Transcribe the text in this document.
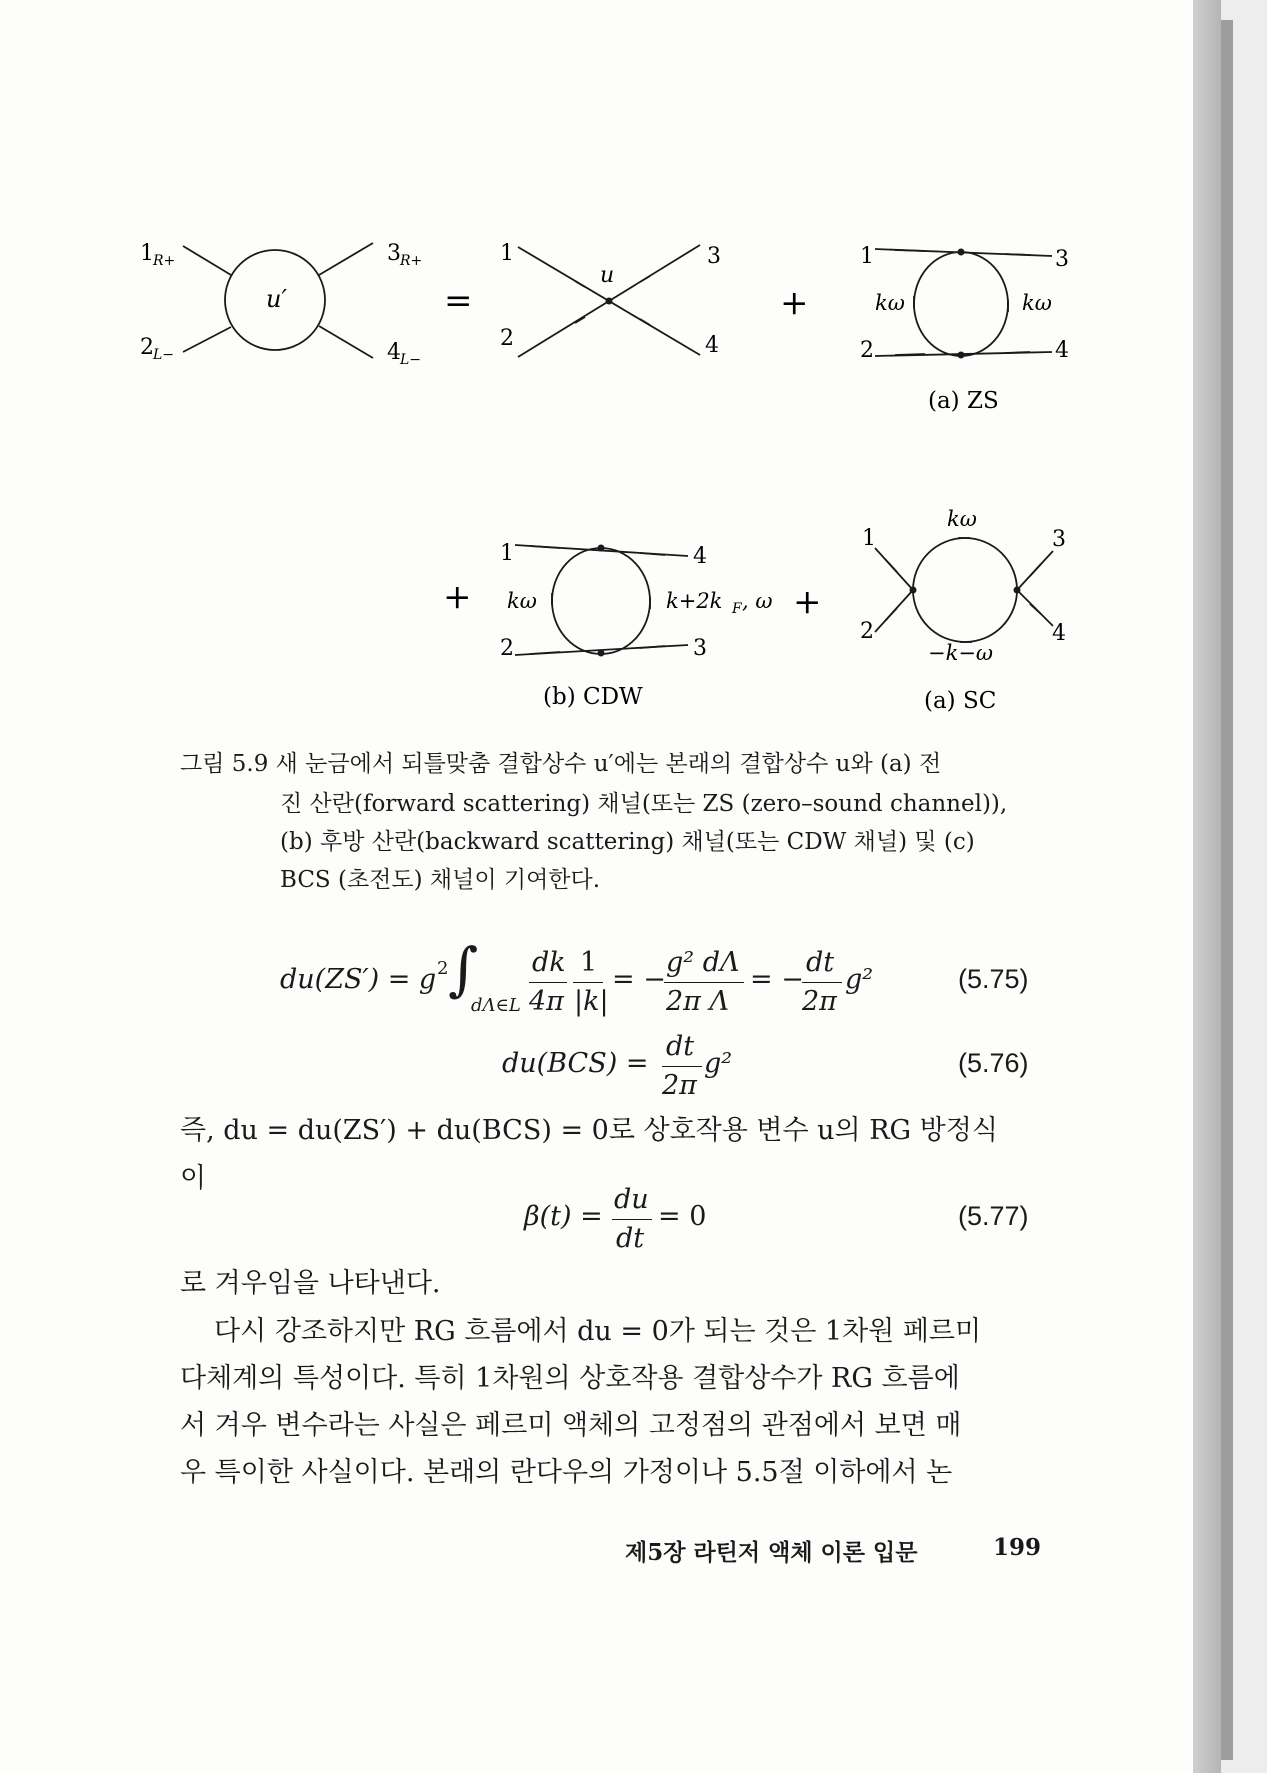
1 R+	3 R+
2 L−	4 L−
u′	=
1	3
2	4
u
+
1	3
2	4
kω	kω
(a) ZS
+
1	4
2	3
kω	k+2k F , ω
(b) CDW
+
1	3
2	4
kω
−k−ω
(a) SC

그림 5.9 새 눈금에서 되틀맞춤 결합상수 u′에는 본래의 결합상수 u와 (a) 전

진 산란(forward scattering) 채널(또는 ZS (zero–sound channel)),

(b) 후방 산란(backward scattering) 채널(또는 CDW 채널) 및 (c)

BCS (초전도) 채널이 기여한다.

du(ZS′) = g 2 ∫
dΛ∈L
dk
4π
1
|k|
= −
g² dΛ
2π Λ
= −
dt
2π
g²	(5.75)
du(BCS) =
dt
2π
g²	(5.76)

즉, du = du(ZS′) + du(BCS) = 0로 상호작용 변수 u의 RG 방정식

이

β(t) =
du
dt
= 0	(5.77)

로 겨우임을 나타낸다.

다시 강조하지만 RG 흐름에서 du = 0가 되는 것은 1차원 페르미

다체계의 특성이다. 특히 1차원의 상호작용 결합상수가 RG 흐름에

서 겨우 변수라는 사실은 페르미 액체의 고정점의 관점에서 보면 매

우 특이한 사실이다. 본래의 란다우의 가정이나 5.5절 이하에서 논

제5장 라틴저 액체 이론 입문	199
